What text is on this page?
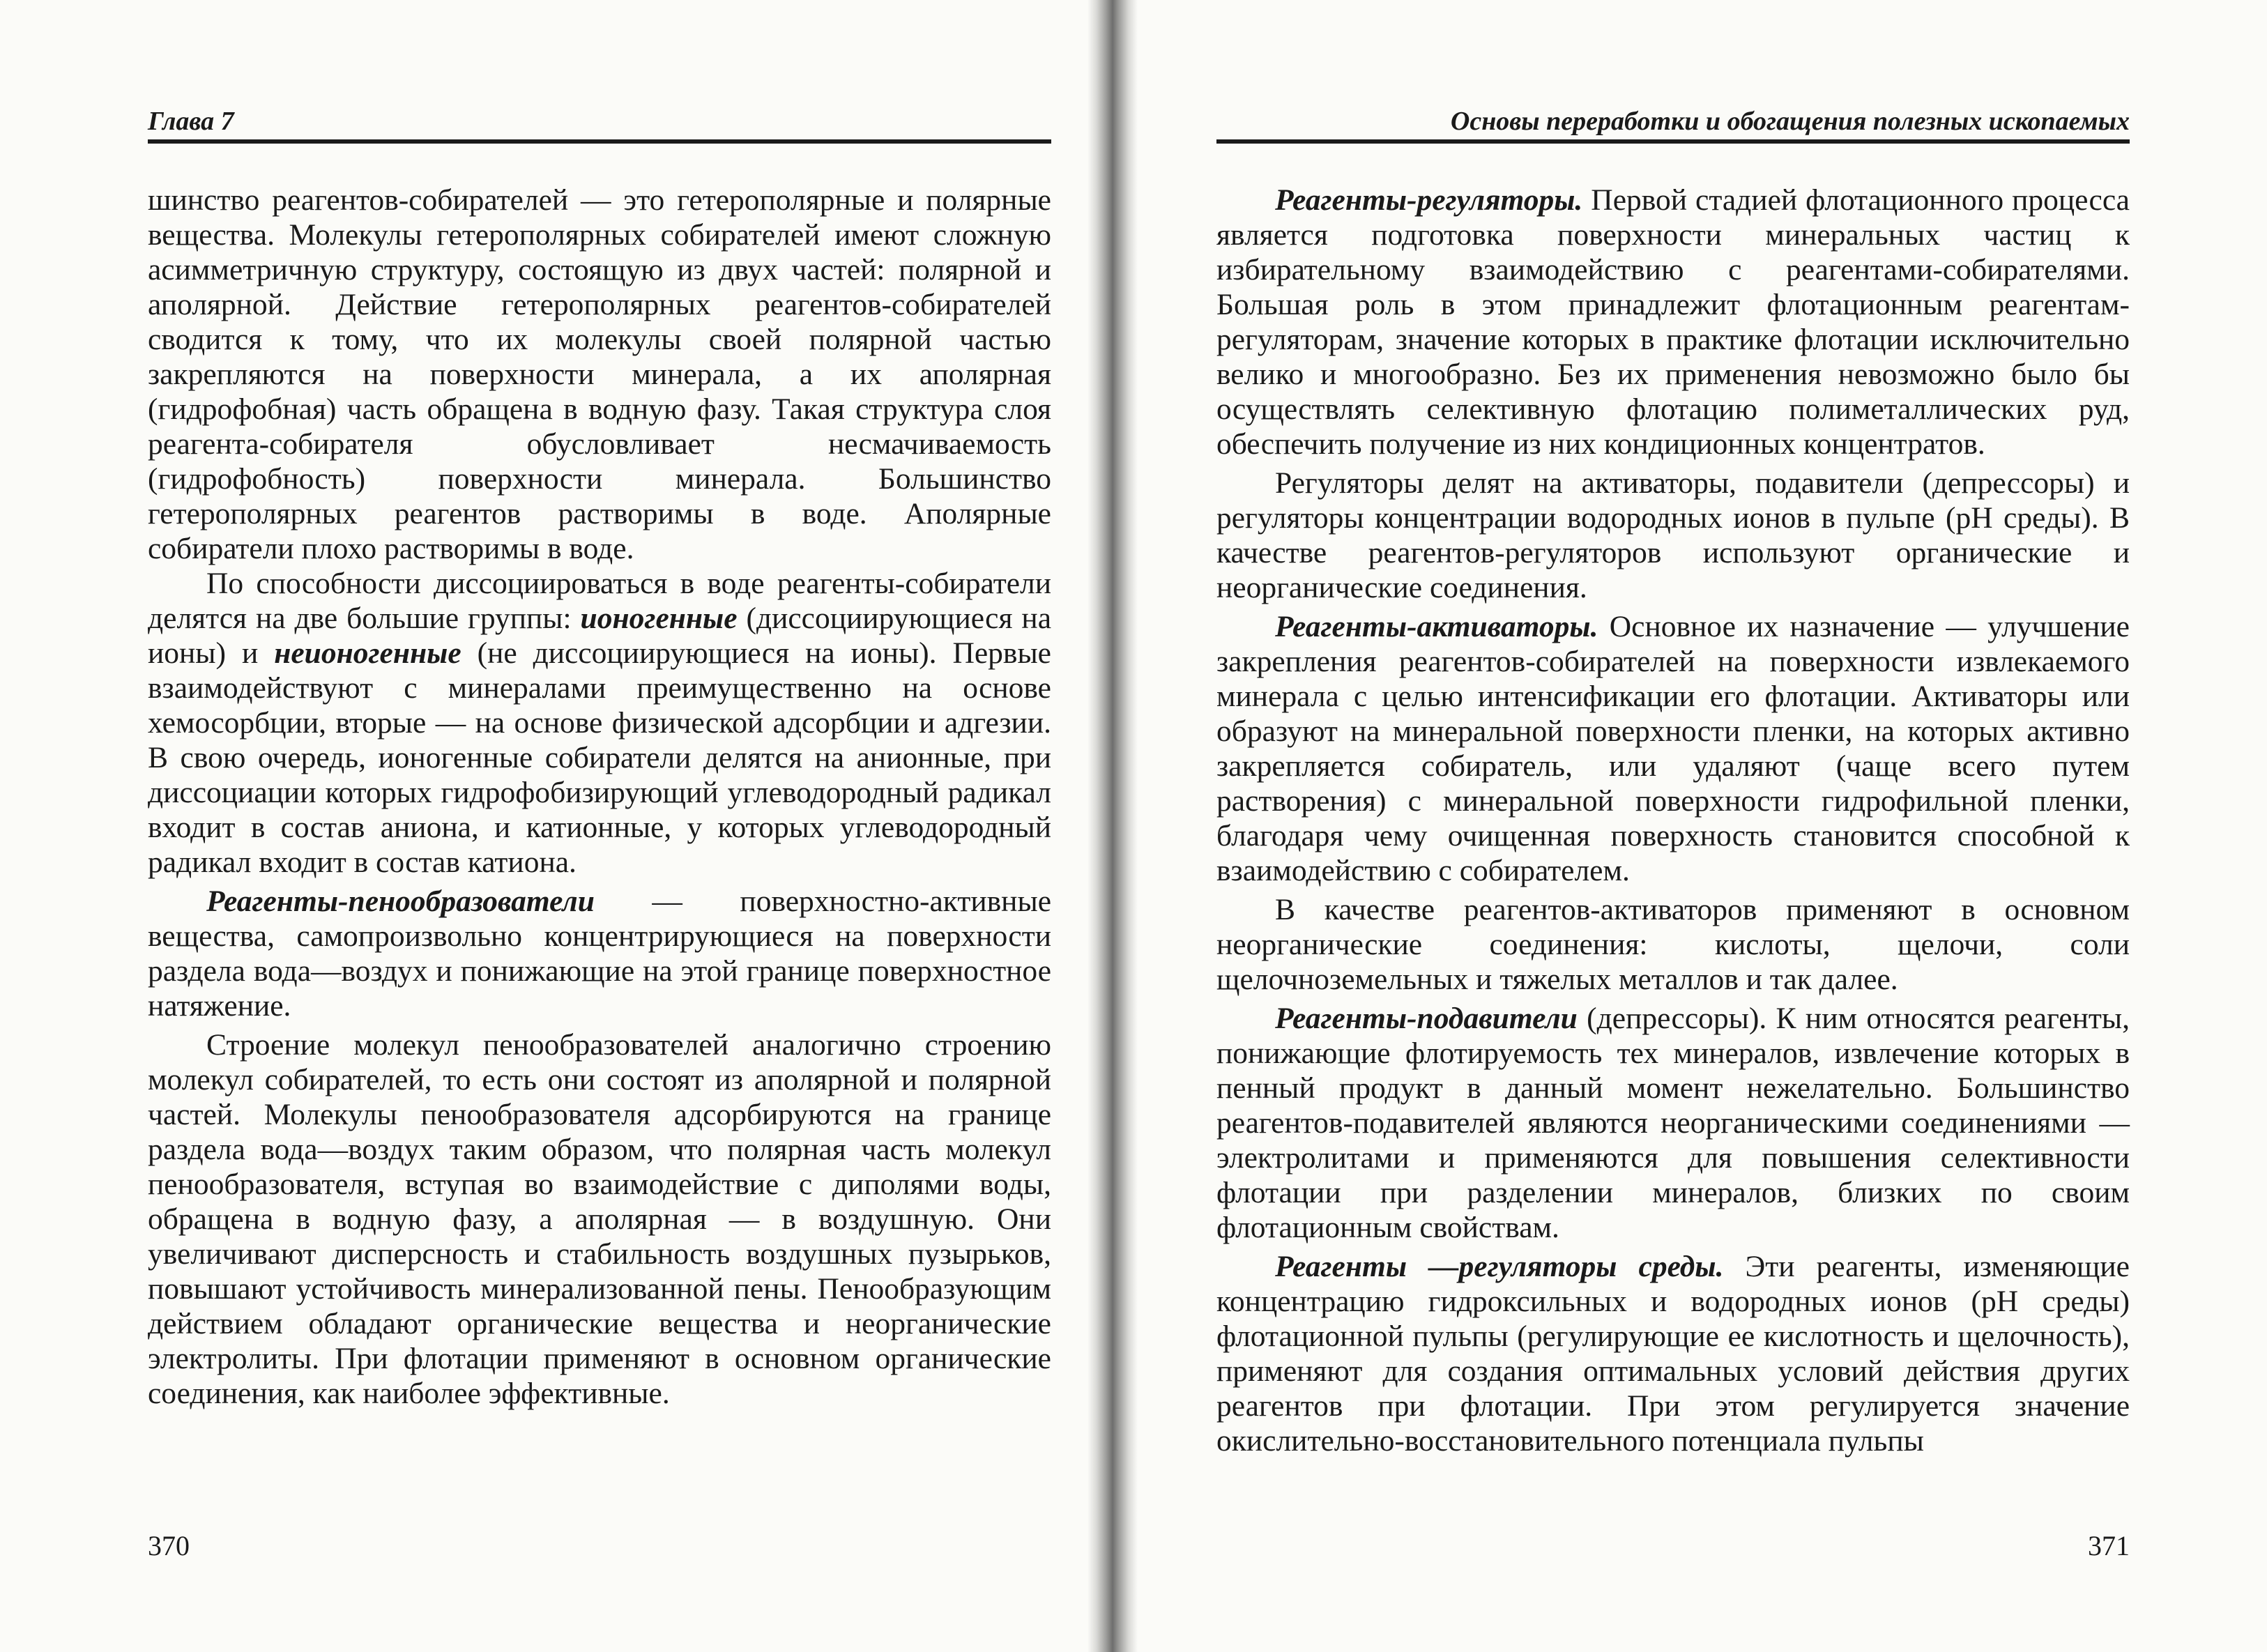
Глава 7

шинство реагентов-собирателей — это гетерополярные и полярные вещества. Молекулы гетерополярных собирателей имеют сложную асимметричную структуру, состоящую из двух частей: полярной и аполярной. Действие гетерополярных реагентов-собирателей сводится к тому, что их молекулы своей полярной частью закрепляются на поверхности минерала, а их аполярная (гидрофобная) часть обращена в водную фазу. Такая структура слоя реагента-собирателя обусловливает несмачиваемость (гидрофобность) поверхности минерала. Большинство гетерополярных реагентов растворимы в воде. Аполярные собиратели плохо растворимы в воде.

По способности диссоциироваться в воде реагенты-собиратели делятся на две большие группы: ионогенные (диссоциирующиеся на ионы) и неионогенные (не диссоциирующиеся на ионы). Первые взаимодействуют с минералами преимущественно на основе хемосорбции, вторые — на основе физической адсорбции и адгезии. В свою очередь, ионогенные собиратели делятся на анионные, при диссоциации которых гидрофобизирующий углеводородный радикал входит в состав аниона, и катионные, у которых углеводородный радикал входит в состав катиона.

Реагенты-пенообразователи — поверхностно-активные вещества, самопроизвольно концентрирующиеся на поверхности раздела вода—воздух и понижающие на этой границе поверхностное натяжение.

Строение молекул пенообразователей аналогично строению молекул собирателей, то есть они состоят из аполярной и полярной частей. Молекулы пенообразователя адсорбируются на границе раздела вода—воздух таким образом, что полярная часть молекул пенообразователя, вступая во взаимодействие с диполями воды, обращена в водную фазу, а аполярная — в воздушную. Они увеличивают дисперсность и стабильность воздушных пузырьков, повышают устойчивость минерализованной пены. Пенообразующим действием обладают органические вещества и неорганические электролиты. При флотации применяют в основном органические соединения, как наиболее эффективные.

370
Основы переработки и обогащения полезных ископаемых

Реагенты-регуляторы. Первой стадией флотационного процесса является подготовка поверхности минеральных частиц к избирательному взаимодействию с реагентами-собирателями. Большая роль в этом принадлежит флотационным реагентам-регуляторам, значение которых в практике флотации исключительно велико и многообразно. Без их применения невозможно было бы осуществлять селективную флотацию полиметаллических руд, обеспечить получение из них кондиционных концентратов.

Регуляторы делят на активаторы, подавители (депрессоры) и регуляторы концентрации водородных ионов в пульпе (pH среды). В качестве реагентов-регуляторов используют органические и неорганические соединения.

Реагенты-активаторы. Основное их назначение — улучшение закрепления реагентов-собирателей на поверхности извлекаемого минерала с целью интенсификации его флотации. Активаторы или образуют на минеральной поверхности пленки, на которых активно закрепляется собиратель, или удаляют (чаще всего путем растворения) с минеральной поверхности гидрофильной пленки, благодаря чему очищенная поверхность становится способной к взаимодействию с собирателем.

В качестве реагентов-активаторов применяют в основном неорганические соединения: кислоты, щелочи, соли щелочноземельных и тяжелых металлов и так далее.

Реагенты-подавители (депрессоры). К ним относятся реагенты, понижающие флотируемость тех минералов, извлечение которых в пенный продукт в данный момент нежелательно. Большинство реагентов-подавителей являются неорганическими соединениями — электролитами и применяются для повышения селективности флотации при разделении минералов, близких по своим флотационным свойствам.

Реагенты —регуляторы среды. Эти реагенты, изменяющие концентрацию гидроксильных и водородных ионов (pH среды) флотационной пульпы (регулирующие ее кислотность и щелочность), применяют для создания оптимальных условий действия других реагентов при флотации. При этом регулируется значение окислительно-восстановительного потенциала пульпы

371
